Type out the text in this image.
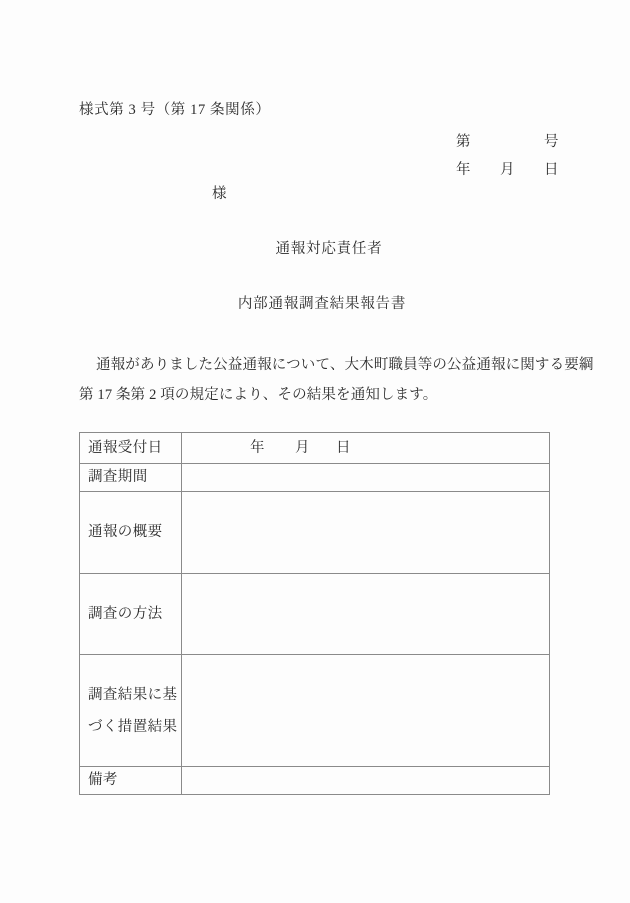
様式第 3 号（第 17 条関係）
第	号
年 月 日
様
通報対応責任者
内部通報調査結果報告書
通報がありました公益通報について、大木町職員等の公益通報に関する要綱
第 17 条第 2 項の規定により、その結果を通知します。
通報受付日	年 月 日

調査期間	
通報の概要	
調査の方法	

調査結果に基
づく措置結果	

備考	
